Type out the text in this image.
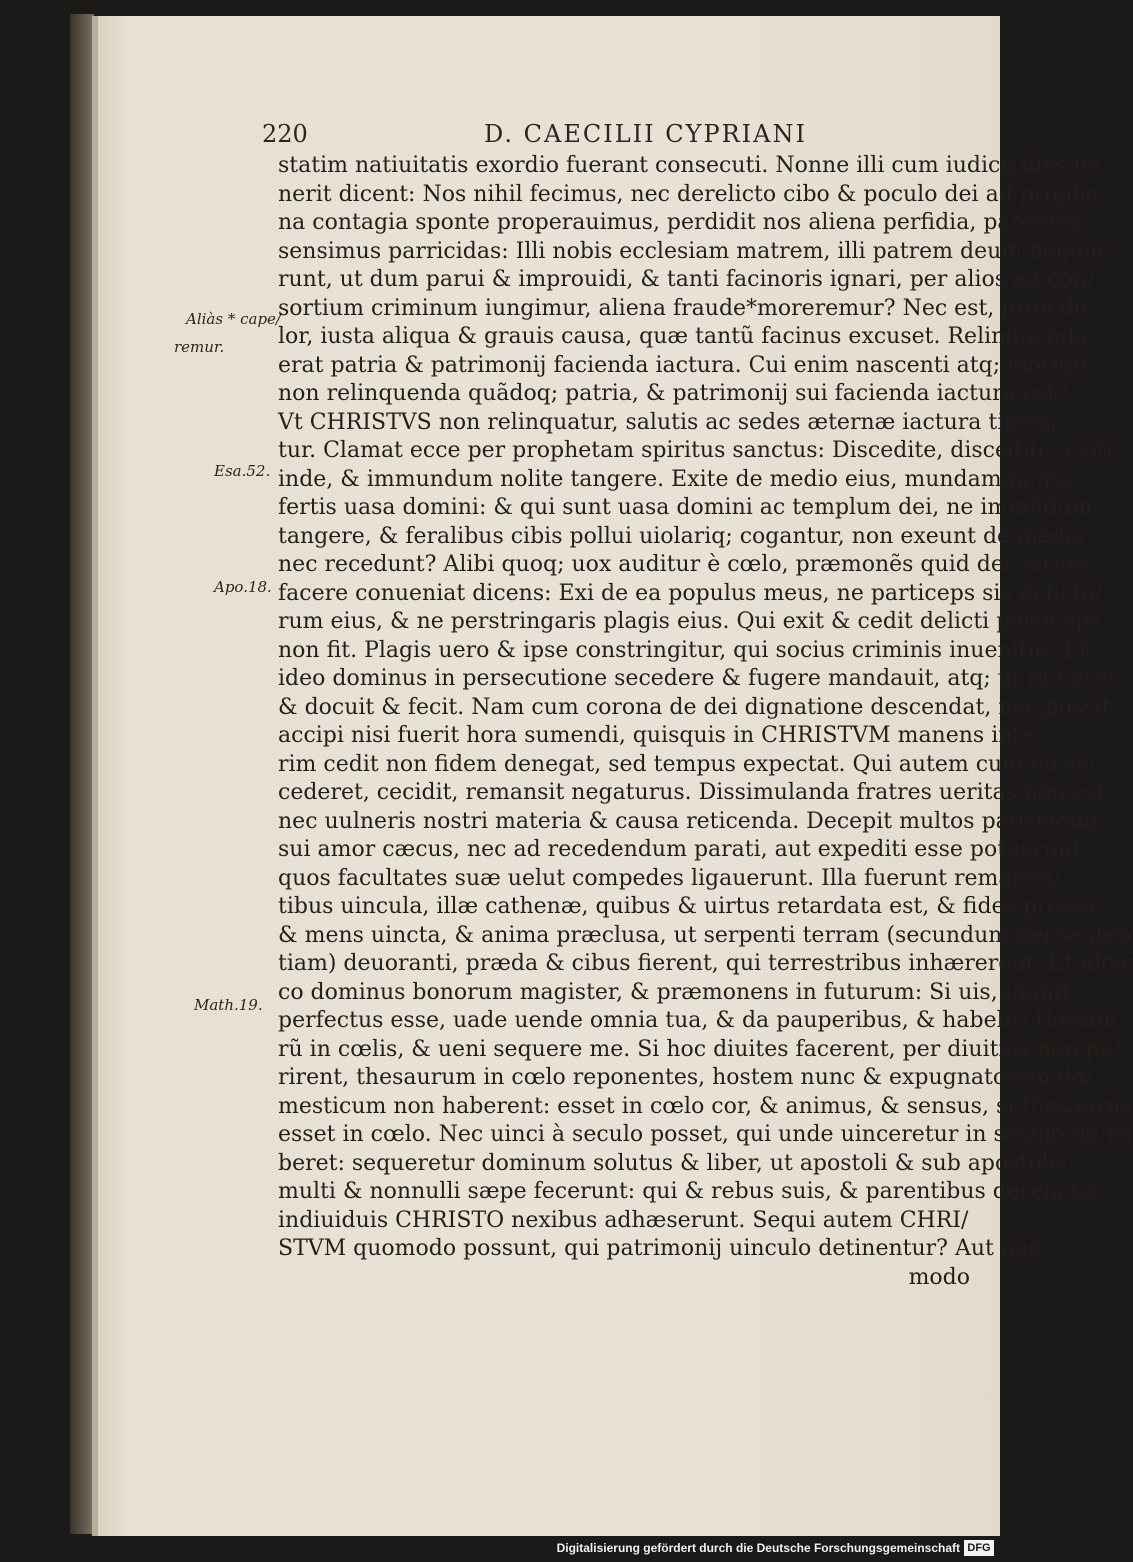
220	D. CAECILII CYPRIANI
Aliàs * cape/
remur.
Esa.52.
Apo.18.
Math.19.
statim natiuitatis exordio fuerant consecuti. Nonne illi cum iudicij dies ue
nerit dicent: Nos nihil fecimus, nec derelicto cibo & poculo dei ad propha
na contagia sponte properauimus, perdidit nos aliena perfidia, parentes
sensimus parricidas: Illi nobis ecclesiam matrem, illi patrem deum negaue
runt, ut dum parui & improuidi, & tanti facinoris ignari, per alios ad con/
sortium criminum iungimur, aliena fraude*moreremur? Nec est, proh do/
lor, iusta aliqua & grauis causa, quæ tantũ facinus excuset. Relinquenda
erat patria & patrimonij facienda iactura. Cui enim nascenti atq; morięti
non relinquenda quãdoq; patria, & patrimonij sui facienda iactura est?
Vt CHRISTVS non relinquatur, salutis ac sedes æternæ iactura timea/
tur. Clamat ecce per prophetam spiritus sanctus: Discedite, discedite, exite
inde, & immundum nolite tangere. Exite de medio eius, mundamini qui
fertis uasa domini: & qui sunt uasa domini ac templum dei, ne immũdum
tangere, & feralibus cibis pollui uiolariq; cogantur, non exeunt de medio
nec recedunt? Alibi quoq; uox auditur è cœlo, præmonẽs quid dei seruos
facere conueniat dicens: Exi de ea populus meus, ne particeps sis delicto/
rum eius, & ne perstringaris plagis eius. Qui exit & cedit delicti particeps
non fit. Plagis uero & ipse constringitur, qui socius criminis inuenitur. Et
ideo dominus in persecutione secedere & fugere mandauit, atq; ut id fieret
& docuit & fecit. Nam cum corona de dei dignatione descendat, nec possit
accipi nisi fuerit hora sumendi, quisquis in CHRISTVM manens inte
rim cedit non fidem denegat, sed tempus expectat. Qui autem cum nõ se/
cederet, cecidit, remansit negaturus. Dissimulanda fratres ueritas non est,
nec uulneris nostri materia & causa reticenda. Decepit multos patrimonij
sui amor cæcus, nec ad recedendum parati, aut expediti esse potuerunt,
quos facultates suæ uelut compedes ligauerunt. Illa fuerunt remanen/
tibus uincula, illæ cathenæ, quibus & uirtus retardata est, & fides pressa,
& mens uincta, & anima præclusa, ut serpenti terram (secundum dei senten
tiam) deuoranti, præda & cibus fierent, qui terrestribus inhærerent. Et idcir
co dominus bonorum magister, & præmonens in futurum: Si uis, inquit,
perfectus esse, uade uende omnia tua, & da pauperibus, & habebis thesau/
rũ in cœlis, & ueni sequere me. Si hoc diuites facerent, per diuitias non pe/
rirent, thesaurum in cœlo reponentes, hostem nunc & expugnatorem do/
mesticum non haberent: esset in cœlo cor, & animus, & sensus, si thesaurus
esset in cœlo. Nec uinci à seculo posset, qui unde uinceretur in seculo nõ ha
beret: sequeretur dominum solutus & liber, ut apostoli & sub apostolis
multi & nonnulli sæpe fecerunt: qui & rebus suis, & parentibus derelictis
indiuiduis CHRISTO nexibus adhæserunt. Sequi autem CHRI/
STVM quomodo possunt, qui patrimonij uinculo detinentur? Aut quo
modo
Digitalisierung gefördert durch die Deutsche Forschungsgemeinschaft DFG
